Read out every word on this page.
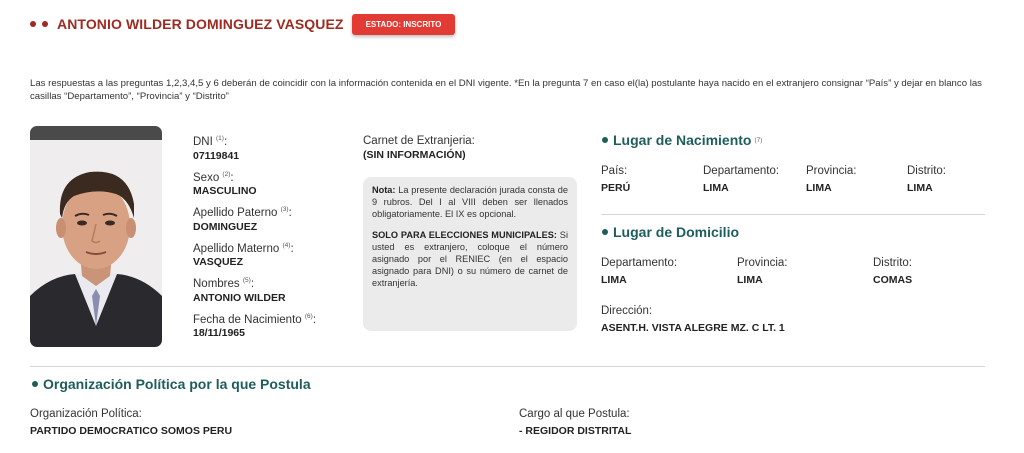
ANTONIO WILDER DOMINGUEZ VASQUEZ	ESTADO: INSCRITO
Las respuestas a las preguntas 1,2,3,4,5 y 6 deberán de coincidir con la información contenida en el DNI vigente. *En la pregunta 7 en caso el(la) postulante haya nacido en el extranjero consignar “País” y dejar en blanco las casillas “Departamento”, “Provincia” y “Distrito”
DNI $^{(1)}$:
07119841
Sexo $^{(2)}$:
MASCULINO
Apellido Paterno $^{(3)}$:
DOMINGUEZ
Apellido Materno $^{(4)}$:
VASQUEZ
Nombres $^{(5)}$:
ANTONIO WILDER
Fecha de Nacimiento $^{(6)}$:
18/11/1965
Carnet de Extranjeria:
(SIN INFORMACIÓN)

Nota: La presente declaración jurada consta de 9 rubros. Del I al VIII deben ser llenados obligatoriamente. El IX es opcional.

SOLO PARA ELECCIONES MUNICIPALES: Si usted es extranjero, coloque el número asignado por el RENIEC (en el espacio asignado para DNI) o su número de carnet de extranjería.

Lugar de Nacimiento (7)
País:
PERÚ
Departamento:
LIMA
Provincia:
LIMA
Distrito:
LIMA
Lugar de Domicilio
Departamento:
LIMA
Provincia:
LIMA
Distrito:
COMAS
Dirección:
ASENT.H. VISTA ALEGRE MZ. C LT. 1
Organización Política por la que Postula
Organización Política:
PARTIDO DEMOCRATICO SOMOS PERU
Cargo al que Postula:
- REGIDOR DISTRITAL
